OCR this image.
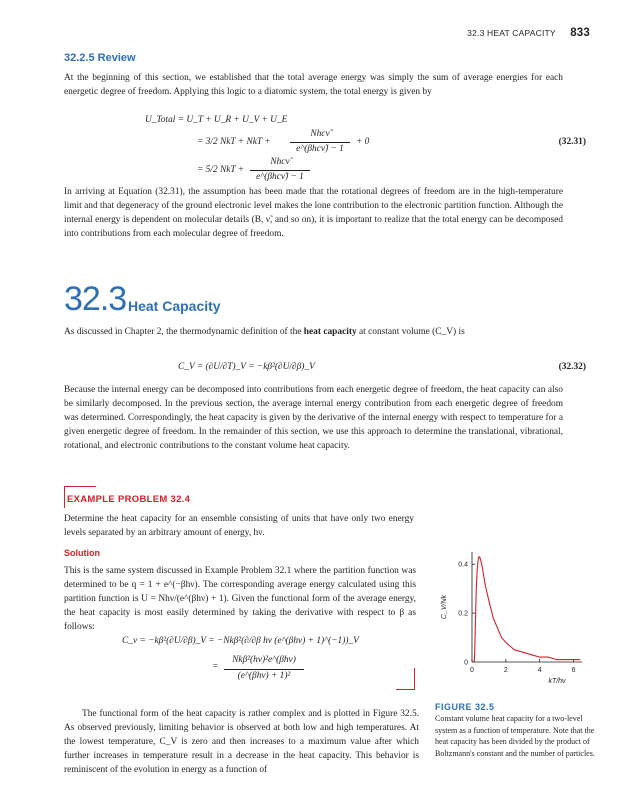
32.3 HEAT CAPACITY 833
32.2.5 Review
At the beginning of this section, we established that the total average energy was simply the sum of average energies for each energetic degree of freedom. Applying this logic to a diatomic system, the total energy is given by
U_Total = U_T + U_R + U_V + U_E
= 3/2 NkT + NkT +
Nhcν̃
e^(βhcν̃) − 1
+ 0	(32.31)
= 5/2 NkT +
Nhcν̃
e^(βhcν̃) − 1
In arriving at Equation (32.31), the assumption has been made that the rotational degrees of freedom are in the high-temperature limit and that degeneracy of the ground electronic level makes the lone contribution to the electronic partition function. Although the internal energy is dependent on molecular details (B, ν̃, and so on), it is important to realize that the total energy can be decomposed into contributions from each molecular degree of freedom.
32.3 Heat Capacity
As discussed in Chapter 2, the thermodynamic definition of the heat capacity at constant volume (C_V) is
C_V = (∂U/∂T)_V = −kβ²(∂U/∂β)_V	(32.32)
Because the internal energy can be decomposed into contributions from each energetic degree of freedom, the heat capacity can also be similarly decomposed. In the previous section, the average internal energy contribution from each energetic degree of freedom was determined. Correspondingly, the heat capacity is given by the derivative of the internal energy with respect to temperature for a given energetic degree of freedom. In the remainder of this section, we use this approach to determine the translational, vibrational, rotational, and electronic contributions to the constant volume heat capacity.
EXAMPLE PROBLEM 32.4
Determine the heat capacity for an ensemble consisting of units that have only two energy levels separated by an arbitrary amount of energy, hν.
Solution
This is the same system discussed in Example Problem 32.1 where the partition function was determined to be q = 1 + e^(−βhν). The corresponding average energy calculated using this partition function is U = Nhν/(e^(βhν) + 1). Given the functional form of the average energy, the heat capacity is most easily determined by taking the derivative with respect to β as follows:
C_v = −kβ²(∂U/∂β)_V = −Nkβ²(∂/∂β hν (e^(βhν) + 1)^(−1))_V
=
Nkβ²(hν)²e^(βhν)
(e^(βhν) + 1)²
The functional form of the heat capacity is rather complex and is plotted in Figure 32.5. As observed previously, limiting behavior is observed at both low and high temperatures. At the lowest temperature, C_V is zero and then increases to a maximum value after which further increases in temperature result in a decrease in the heat capacity. This behavior is reminiscent of the evolution in energy as a function of
0	2	4	6
0
0.2
0.4
kT/hν
C_V/Nk
FIGURE 32.5
Constant volume heat capacity for a two-level system as a function of temperature. Note that the heat capacity has been divided by the product of Boltzmann's constant and the number of particles.
